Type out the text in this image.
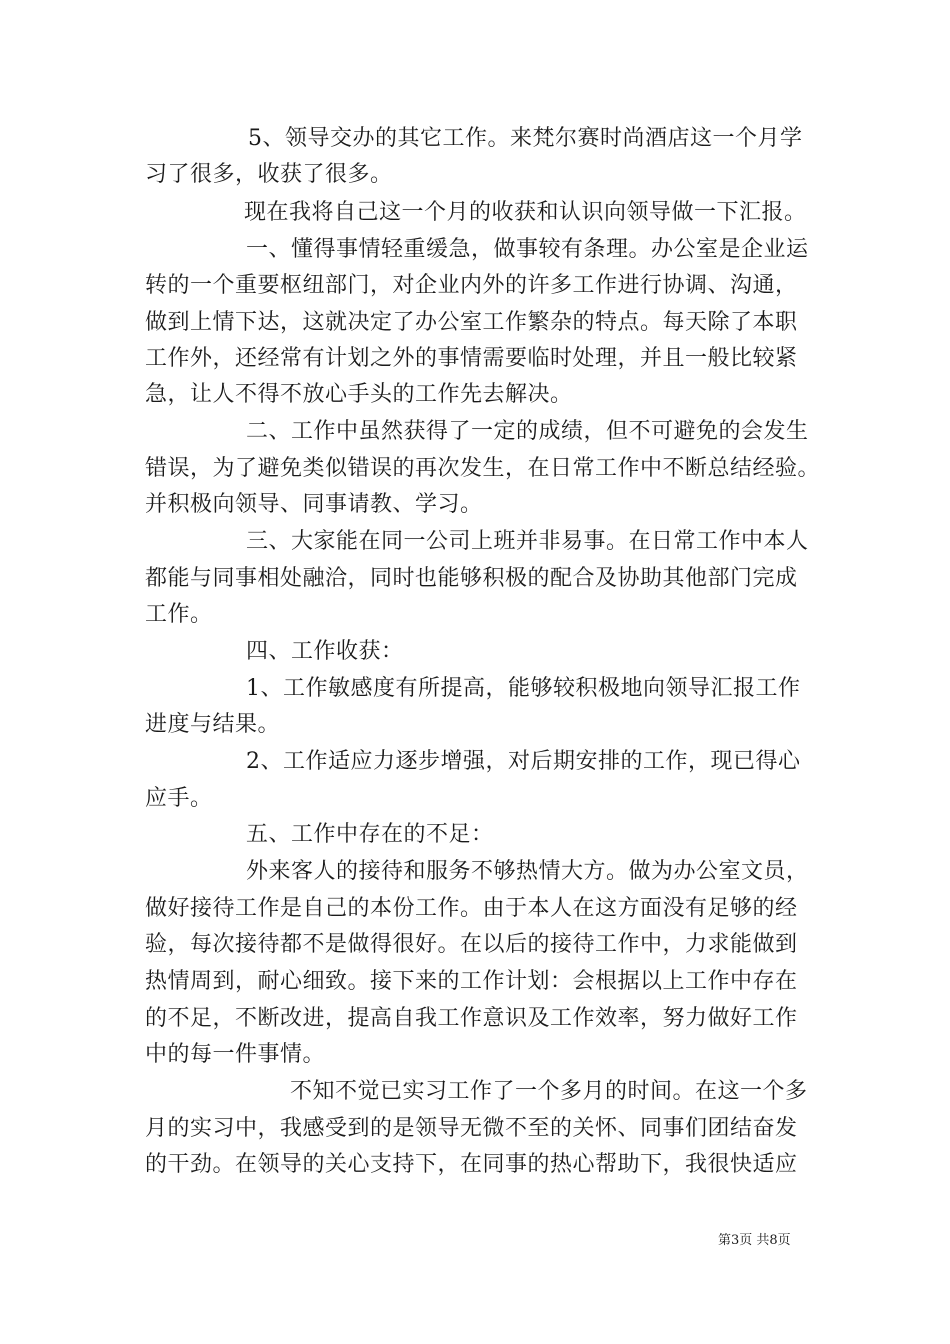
5、领导交办的其它工作。来梵尔赛时尚酒店这一个月学
习了很多，收获了很多。
现在我将自己这一个月的收获和认识向领导做一下汇报。
一、懂得事情轻重缓急，做事较有条理。办公室是企业运
转的一个重要枢纽部门，对企业内外的许多工作进行协调、沟通，
做到上情下达，这就决定了办公室工作繁杂的特点。每天除了本职
工作外，还经常有计划之外的事情需要临时处理，并且一般比较紧
急，让人不得不放心手头的工作先去解决。
二、工作中虽然获得了一定的成绩，但不可避免的会发生
错误，为了避免类似错误的再次发生，在日常工作中不断总结经验。
并积极向领导、同事请教、学习。
三、大家能在同一公司上班并非易事。在日常工作中本人
都能与同事相处融洽，同时也能够积极的配合及协助其他部门完成
工作。
四、工作收获：
1、工作敏感度有所提高，能够较积极地向领导汇报工作
进度与结果。
2、工作适应力逐步增强，对后期安排的工作，现已得心
应手。
五、工作中存在的不足：
外来客人的接待和服务不够热情大方。做为办公室文员，
做好接待工作是自己的本份工作。由于本人在这方面没有足够的经
验，每次接待都不是做得很好。在以后的接待工作中，力求能做到
热情周到，耐心细致。接下来的工作计划：会根据以上工作中存在
的不足，不断改进，提高自我工作意识及工作效率，努力做好工作
中的每一件事情。
不知不觉已实习工作了一个多月的时间。在这一个多
月的实习中，我感受到的是领导无微不至的关怀、同事们团结奋发
的干劲。在领导的关心支持下，在同事的热心帮助下，我很快适应
第3页 共8页
